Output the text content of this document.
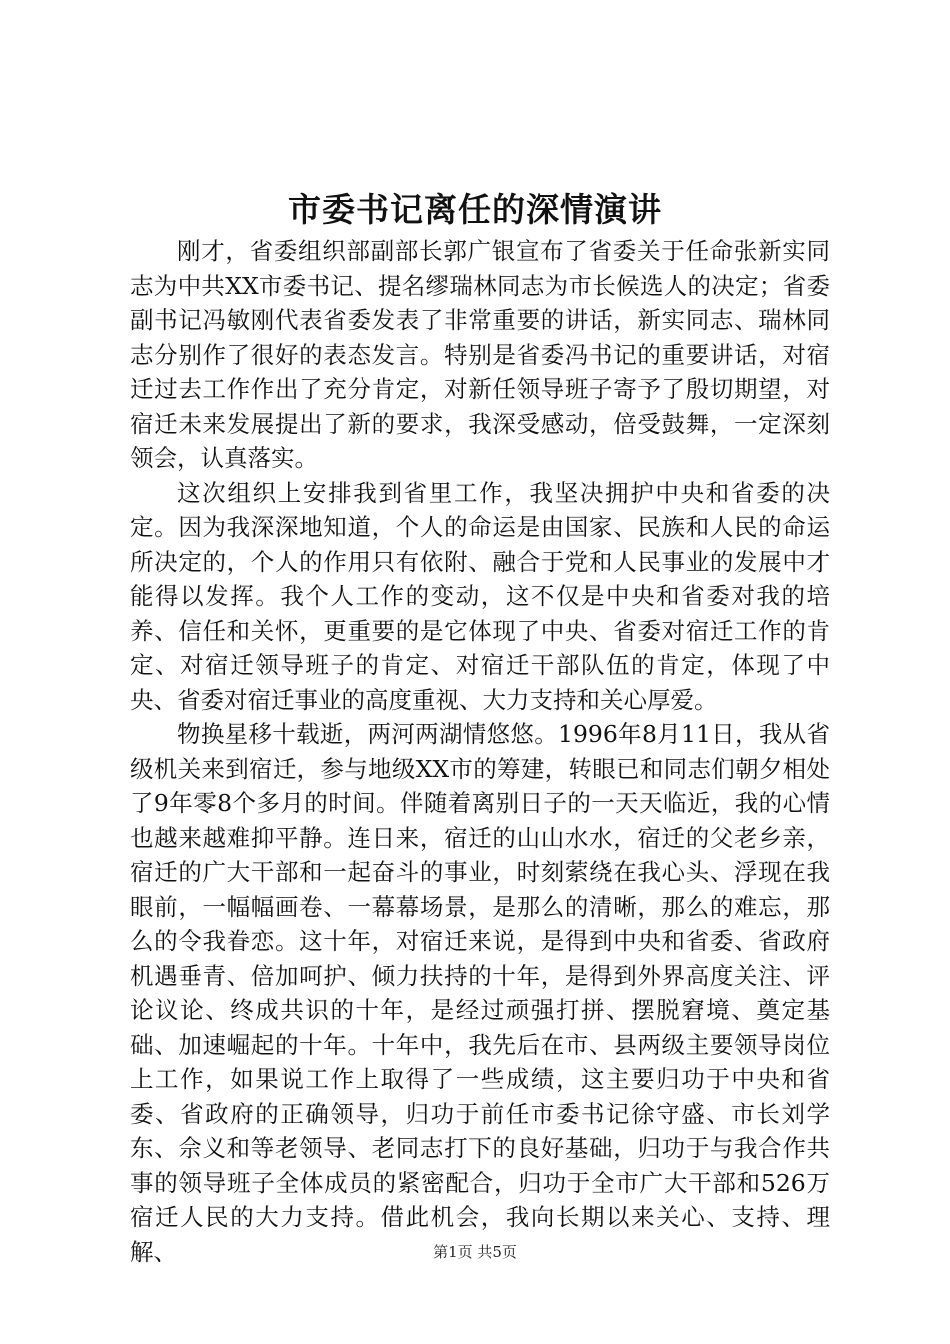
市委书记离任的深情演讲

刚才，省委组织部副部长郭广银宣布了省委关于任命张新实同志为中共XX市委书记、提名缪瑞林同志为市长候选人的决定；省委副书记冯敏刚代表省委发表了非常重要的讲话，新实同志、瑞林同志分别作了很好的表态发言。特别是省委冯书记的重要讲话，对宿迁过去工作作出了充分肯定，对新任领导班子寄予了殷切期望，对宿迁未来发展提出了新的要求，我深受感动，倍受鼓舞，一定深刻领会，认真落实。

这次组织上安排我到省里工作，我坚决拥护中央和省委的决定。因为我深深地知道，个人的命运是由国家、民族和人民的命运所决定的，个人的作用只有依附、融合于党和人民事业的发展中才能得以发挥。我个人工作的变动，这不仅是中央和省委对我的培养、信任和关怀，更重要的是它体现了中央、省委对宿迁工作的肯定、对宿迁领导班子的肯定、对宿迁干部队伍的肯定，体现了中央、省委对宿迁事业的高度重视、大力支持和关心厚爱。

物换星移十载逝，两河两湖情悠悠。1996年8月11日，我从省级机关来到宿迁，参与地级XX市的筹建，转眼已和同志们朝夕相处了9年零8个多月的时间。伴随着离别日子的一天天临近，我的心情也越来越难抑平静。连日来，宿迁的山山水水，宿迁的父老乡亲，宿迁的广大干部和一起奋斗的事业，时刻萦绕在我心头、浮现在我眼前，一幅幅画卷、一幕幕场景，是那么的清晰，那么的难忘，那么的令我眷恋。这十年，对宿迁来说，是得到中央和省委、省政府机遇垂青、倍加呵护、倾力扶持的十年，是得到外界高度关注、评论议论、终成共识的十年，是经过顽强打拼、摆脱窘境、奠定基础、加速崛起的十年。十年中，我先后在市、县两级主要领导岗位上工作，如果说工作上取得了一些成绩，这主要归功于中央和省委、省政府的正确领导，归功于前任市委书记徐守盛、市长刘学东、佘义和等老领导、老同志打下的良好基础，归功于与我合作共事的领导班子全体成员的紧密配合，归功于全市广大干部和526万宿迁人民的大力支持。借此机会，我向长期以来关心、支持、理解、	第1页 共5页
